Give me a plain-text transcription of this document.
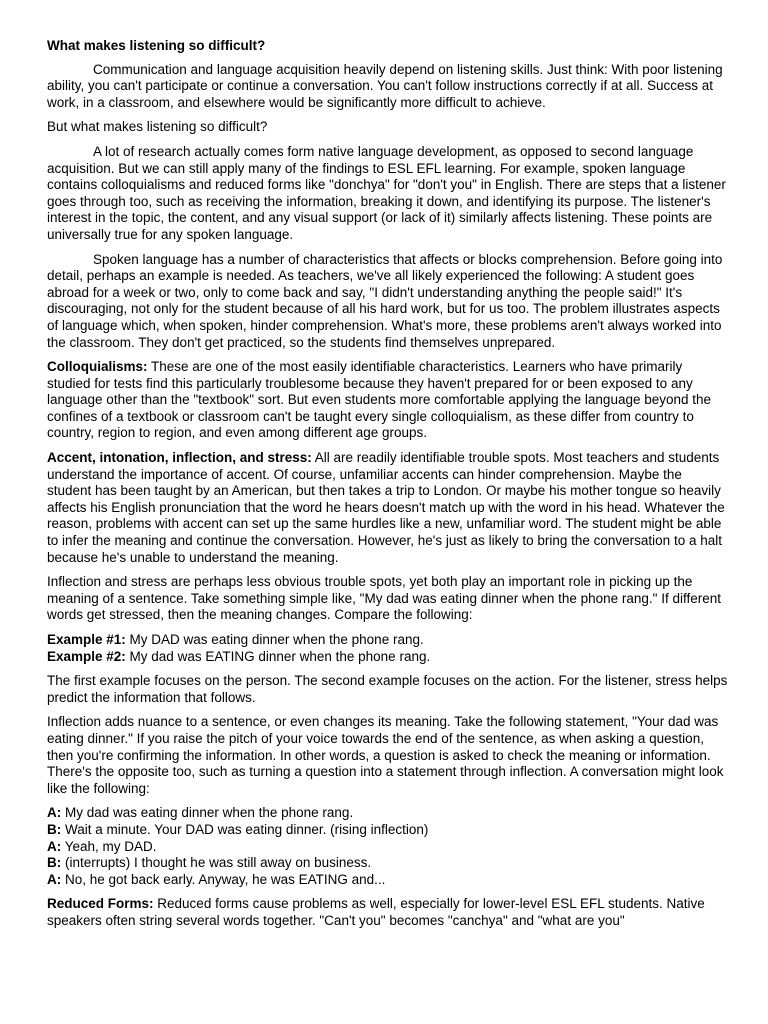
What makes listening so difficult?

Communication and language acquisition heavily depend on listening skills. Just think: With poor listening ability, you can't participate or continue a conversation. You can't follow instructions correctly if at all. Success at work, in a classroom, and elsewhere would be significantly more difficult to achieve.

But what makes listening so difficult?

A lot of research actually comes form native language development, as opposed to second language acquisition. But we can still apply many of the findings to ESL EFL learning. For example, spoken language contains colloquialisms and reduced forms like "donchya" for "don't you" in English. There are steps that a listener goes through too, such as receiving the information, breaking it down, and identifying its purpose. The listener's interest in the topic, the content, and any visual support (or lack of it) similarly affects listening. These points are universally true for any spoken language.

Spoken language has a number of characteristics that affects or blocks comprehension. Before going into detail, perhaps an example is needed. As teachers, we've all likely experienced the following: A student goes abroad for a week or two, only to come back and say, "I didn't understanding anything the people said!" It's discouraging, not only for the student because of all his hard work, but for us too. The problem illustrates aspects of language which, when spoken, hinder comprehension. What's more, these problems aren't always worked into the classroom. They don't get practiced, so the students find themselves unprepared.

Colloquialisms: These are one of the most easily identifiable characteristics. Learners who have primarily studied for tests find this particularly troublesome because they haven't prepared for or been exposed to any language other than the "textbook" sort. But even students more comfortable applying the language beyond the confines of a textbook or classroom can't be taught every single colloquialism, as these differ from country to country, region to region, and even among different age groups.

Accent, intonation, inflection, and stress: All are readily identifiable trouble spots. Most teachers and students understand the importance of accent. Of course, unfamiliar accents can hinder comprehension. Maybe the student has been taught by an American, but then takes a trip to London. Or maybe his mother tongue so heavily affects his English pronunciation that the word he hears doesn't match up with the word in his head. Whatever the reason, problems with accent can set up the same hurdles like a new, unfamiliar word. The student might be able to infer the meaning and continue the conversation. However, he's just as likely to bring the conversation to a halt because he's unable to understand the meaning.

Inflection and stress are perhaps less obvious trouble spots, yet both play an important role in picking up the meaning of a sentence. Take something simple like, "My dad was eating dinner when the phone rang." If different words get stressed, then the meaning changes. Compare the following:

Example #1: My DAD was eating dinner when the phone rang.
Example #2: My dad was EATING dinner when the phone rang.

The first example focuses on the person. The second example focuses on the action. For the listener, stress helps predict the information that follows.

Inflection adds nuance to a sentence, or even changes its meaning. Take the following statement, "Your dad was eating dinner." If you raise the pitch of your voice towards the end of the sentence, as when asking a question, then you're confirming the information. In other words, a question is asked to check the meaning or information. There's the opposite too, such as turning a question into a statement through inflection. A conversation might look like the following:

A: My dad was eating dinner when the phone rang.
B: Wait a minute. Your DAD was eating dinner. (rising inflection)
A: Yeah, my DAD.
B: (interrupts) I thought he was still away on business.
A: No, he got back early. Anyway, he was EATING and...

Reduced Forms: Reduced forms cause problems as well, especially for lower-level ESL EFL students. Native speakers often string several words together. "Can't you" becomes "canchya" and "what are you"
